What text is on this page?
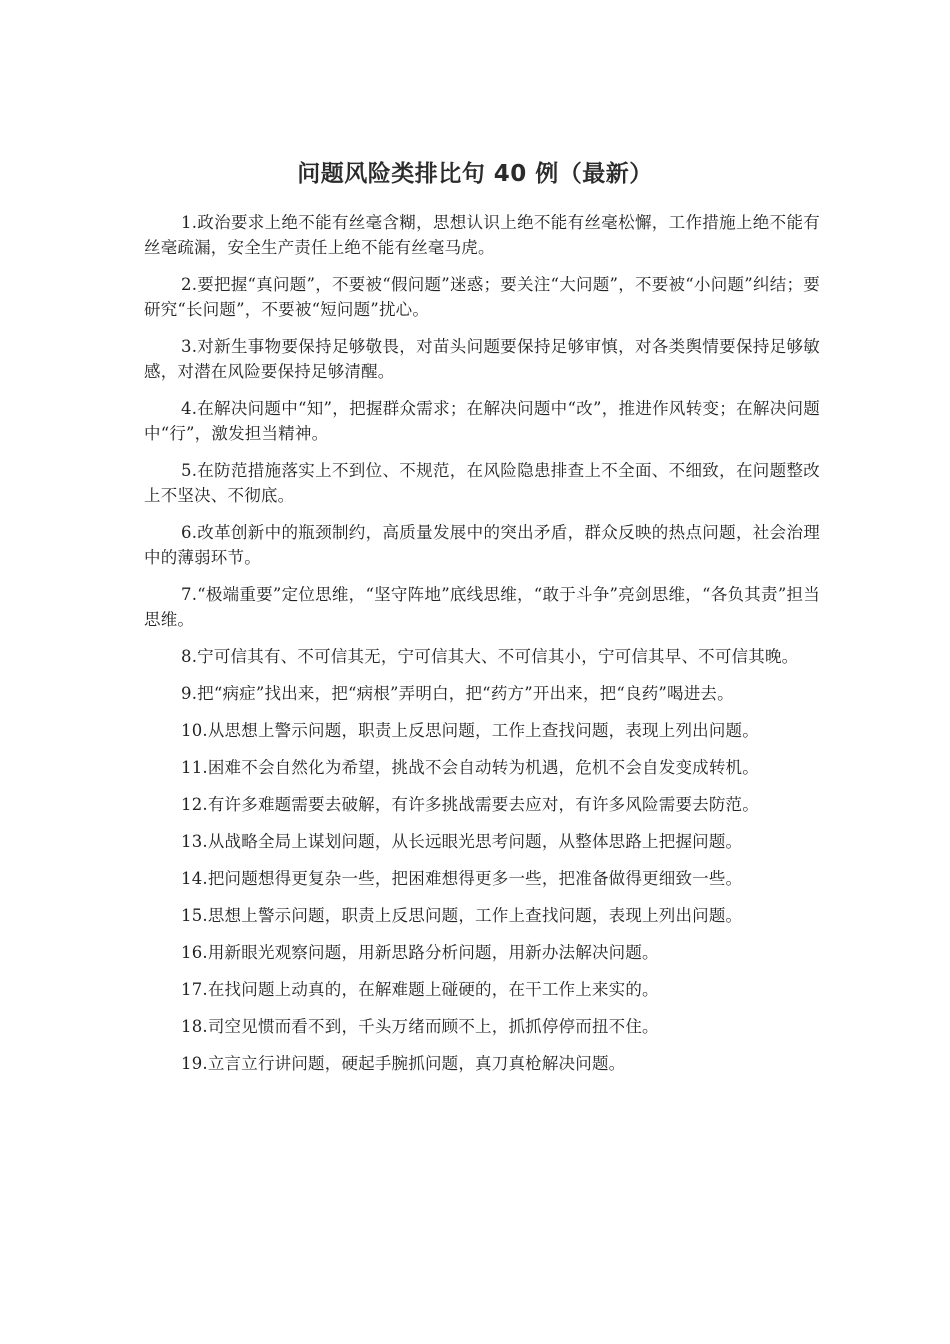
问题风险类排比句 40 例（最新）
1.政治要求上绝不能有丝毫含糊，思想认识上绝不能有丝毫松懈，工作措施上绝不能有丝毫疏漏，安全生产责任上绝不能有丝毫马虎。
2.要把握“真问题”，不要被“假问题”迷惑；要关注“大问题”，不要被“小问题”纠结；要研究“长问题”，不要被“短问题”扰心。
3.对新生事物要保持足够敬畏，对苗头问题要保持足够审慎，对各类舆情要保持足够敏感，对潜在风险要保持足够清醒。
4.在解决问题中“知”，把握群众需求；在解决问题中“改”，推进作风转变；在解决问题中“行”，激发担当精神。
5.在防范措施落实上不到位、不规范，在风险隐患排查上不全面、不细致，在问题整改上不坚决、不彻底。
6.改革创新中的瓶颈制约，高质量发展中的突出矛盾，群众反映的热点问题，社会治理中的薄弱环节。
7.“极端重要”定位思维，“坚守阵地”底线思维，“敢于斗争”亮剑思维，“各负其责”担当思维。
8.宁可信其有、不可信其无，宁可信其大、不可信其小，宁可信其早、不可信其晚。
9.把“病症”找出来，把“病根”弄明白，把“药方”开出来，把“良药”喝进去。
10.从思想上警示问题，职责上反思问题，工作上查找问题，表现上列出问题。
11.困难不会自然化为希望，挑战不会自动转为机遇，危机不会自发变成转机。
12.有许多难题需要去破解，有许多挑战需要去应对，有许多风险需要去防范。
13.从战略全局上谋划问题，从长远眼光思考问题，从整体思路上把握问题。
14.把问题想得更复杂一些，把困难想得更多一些，把准备做得更细致一些。
15.思想上警示问题，职责上反思问题，工作上查找问题，表现上列出问题。
16.用新眼光观察问题，用新思路分析问题，用新办法解决问题。
17.在找问题上动真的，在解难题上碰硬的，在干工作上来实的。
18.司空见惯而看不到，千头万绪而顾不上，抓抓停停而扭不住。
19.立言立行讲问题，硬起手腕抓问题，真刀真枪解决问题。
